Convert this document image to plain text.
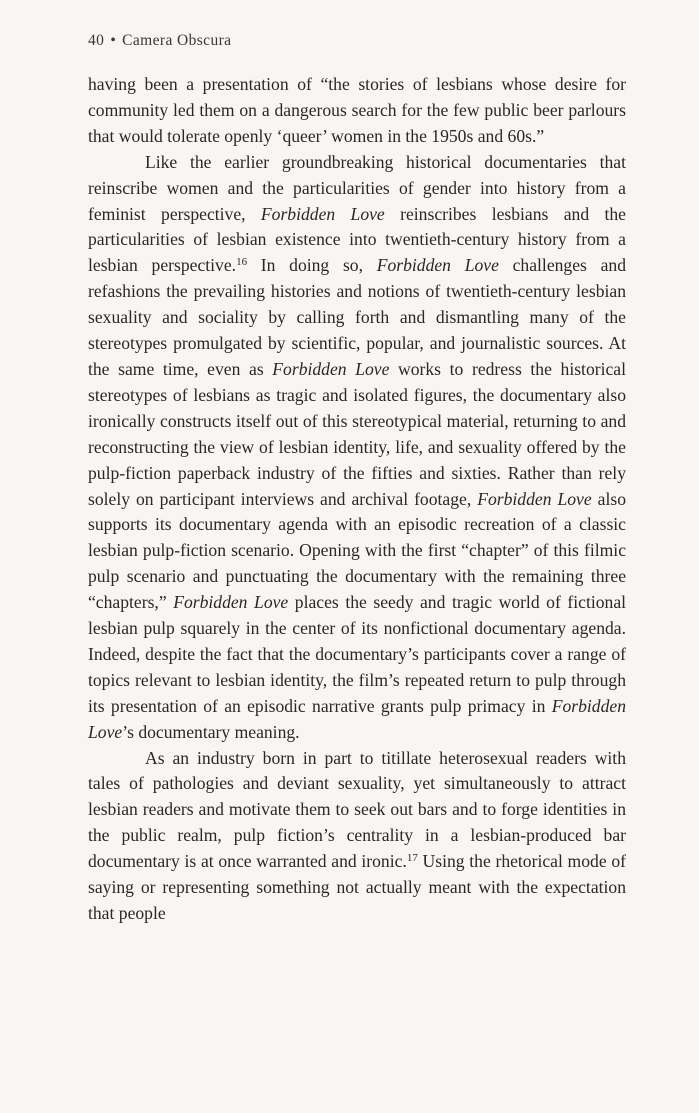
40 • Camera Obscura

having been a presentation of “the stories of lesbians whose desire for community led them on a dangerous search for the few public beer parlours that would tolerate openly ‘queer’ women in the 1950s and 60s.”

Like the earlier groundbreaking historical documentaries that reinscribe women and the particularities of gender into history from a feminist perspective, Forbidden Love reinscribes lesbians and the particularities of lesbian existence into twentieth-century history from a lesbian perspective.$^{16}$ In doing so, Forbidden Love challenges and refashions the prevailing histories and notions of twentieth-century lesbian sexuality and sociality by calling forth and dismantling many of the stereotypes promulgated by scientific, popular, and journalistic sources. At the same time, even as Forbidden Love works to redress the historical stereotypes of lesbians as tragic and isolated figures, the documentary also ironically constructs itself out of this stereotypical material, returning to and reconstructing the view of lesbian identity, life, and sexuality offered by the pulp-fiction paperback industry of the fifties and sixties. Rather than rely solely on participant interviews and archival footage, Forbidden Love also supports its documentary agenda with an episodic recreation of a classic lesbian pulp-fiction scenario. Opening with the first “chapter” of this filmic pulp scenario and punctuating the documentary with the remaining three “chapters,” Forbidden Love places the seedy and tragic world of fictional lesbian pulp squarely in the center of its nonfictional documentary agenda. Indeed, despite the fact that the documentary’s participants cover a range of topics relevant to lesbian identity, the film’s repeated return to pulp through its presentation of an episodic narrative grants pulp primacy in Forbidden Love’s documentary meaning.

As an industry born in part to titillate heterosexual readers with tales of pathologies and deviant sexuality, yet simultaneously to attract lesbian readers and motivate them to seek out bars and to forge identities in the public realm, pulp fiction’s centrality in a lesbian-produced bar documentary is at once warranted and ironic.$^{17}$ Using the rhetorical mode of saying or representing something not actually meant with the expectation that people
